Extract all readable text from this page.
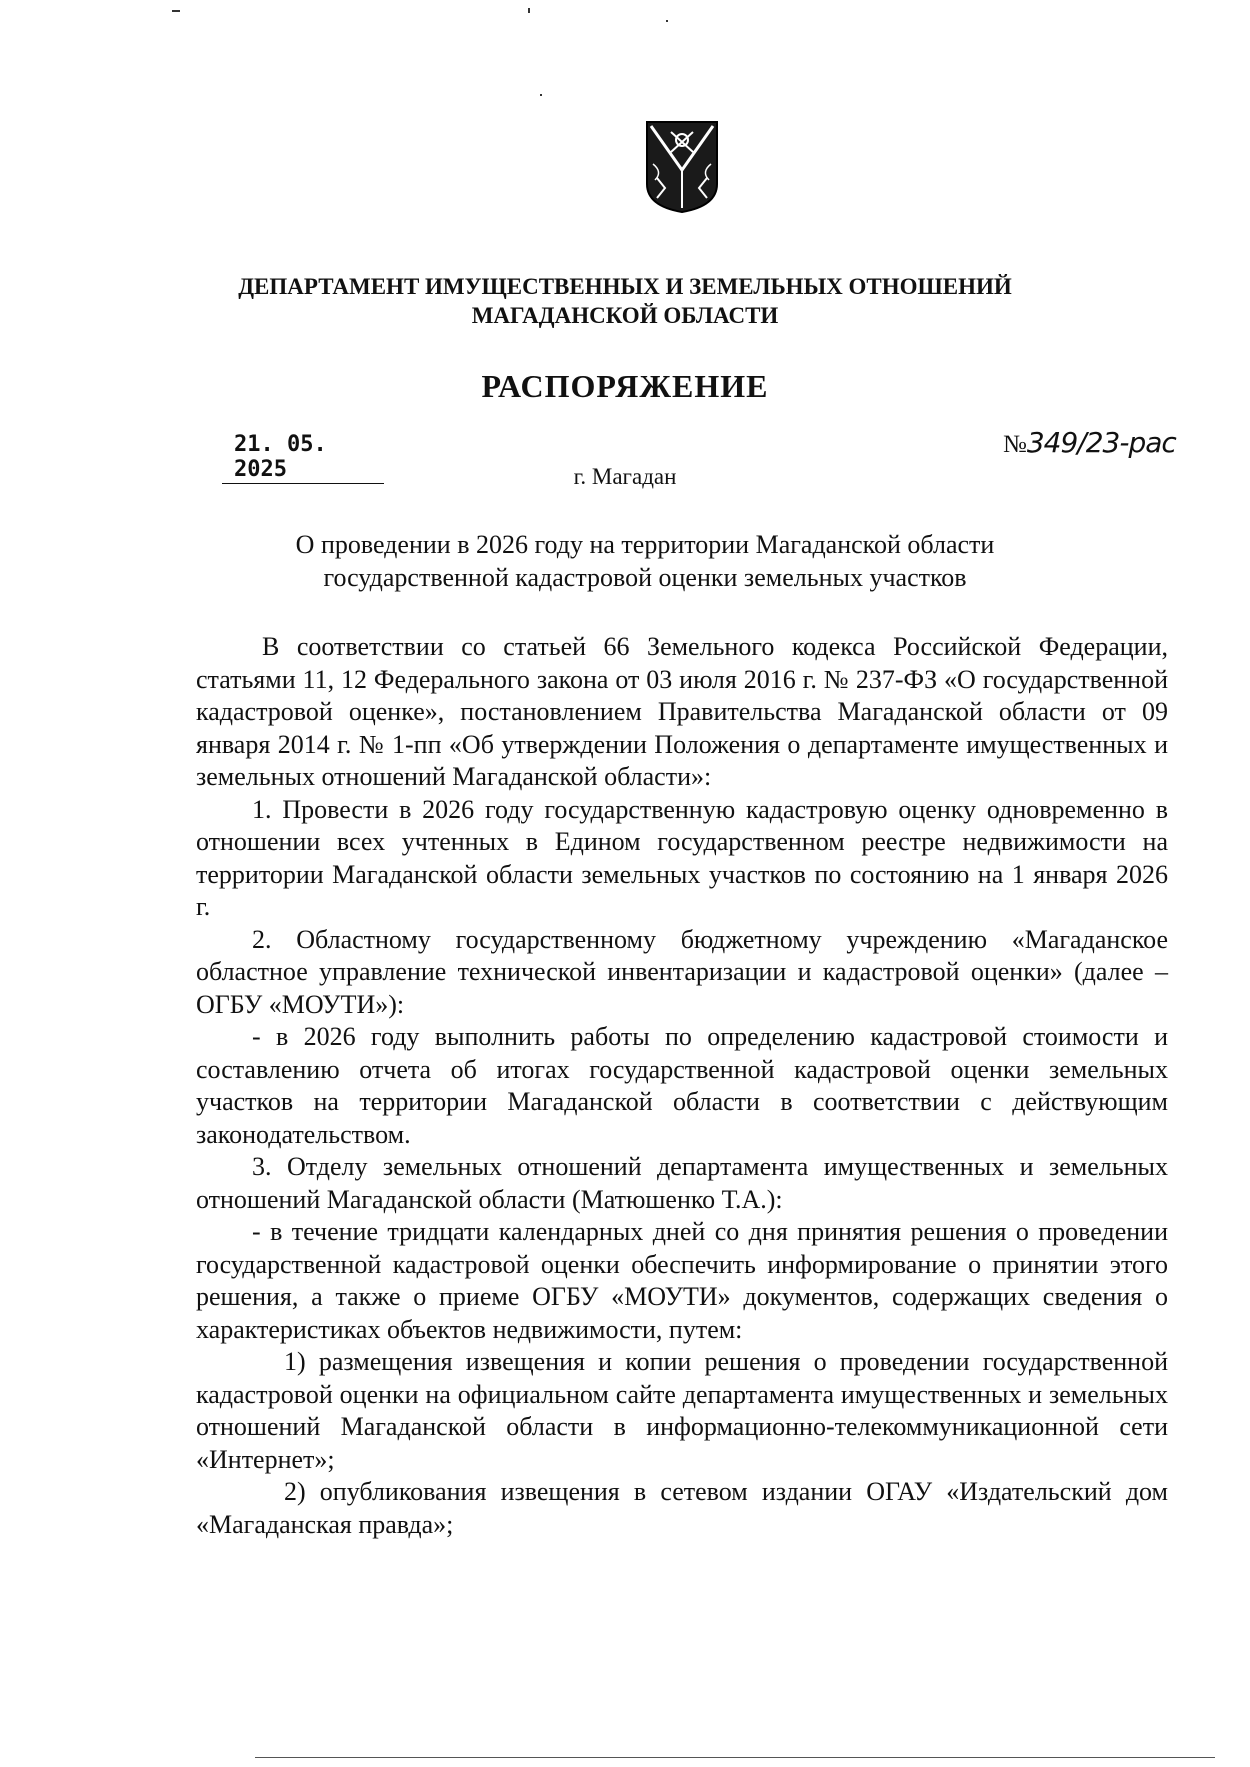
ДЕПАРТАМЕНТ ИМУЩЕСТВЕННЫХ И ЗЕМЕЛЬНЫХ ОТНОШЕНИЙ
МАГАДАНСКОЙ ОБЛАСТИ
РАСПОРЯЖЕНИЕ
21. 05. 2025
№349/23-рас
г. Магадан
О проведении в 2026 году на территории Магаданской области
государственной кадастровой оценки земельных участков

В соответствии со статьей 66 Земельного кодекса Российской Федерации, статьями 11, 12 Федерального закона от 03 июля 2016 г. № 237-ФЗ «О государственной кадастровой оценке», постановлением Правительства Магаданской области от 09 января 2014 г. № 1-пп «Об утверждении Положения о департаменте имущественных и земельных отношений Магаданской области»:

1. Провести в 2026 году государственную кадастровую оценку одновременно в отношении всех учтенных в Едином государственном реестре недвижимости на территории Магаданской области земельных участков по состоянию на 1 января 2026 г.

2. Областному государственному бюджетному учреждению «Магаданское областное управление технической инвентаризации и кадастровой оценки» (далее – ОГБУ «МОУТИ»):

- в 2026 году выполнить работы по определению кадастровой стоимости и составлению отчета об итогах государственной кадастровой оценки земельных участков на территории Магаданской области в соответствии с действующим законодательством.

3. Отделу земельных отношений департамента имущественных и земельных отношений Магаданской области (Матюшенко Т.А.):

- в течение тридцати календарных дней со дня принятия решения о проведении государственной кадастровой оценки обеспечить информирование о принятии этого решения, а также о приеме ОГБУ «МОУТИ» документов, содержащих сведения о характеристиках объектов недвижимости, путем:

1) размещения извещения и копии решения о проведении государственной кадастровой оценки на официальном сайте департамента имущественных и земельных отношений Магаданской области в информационно-телекоммуникационной сети «Интернет»;

2) опубликования извещения в сетевом издании ОГАУ «Издательский дом «Магаданская правда»;
